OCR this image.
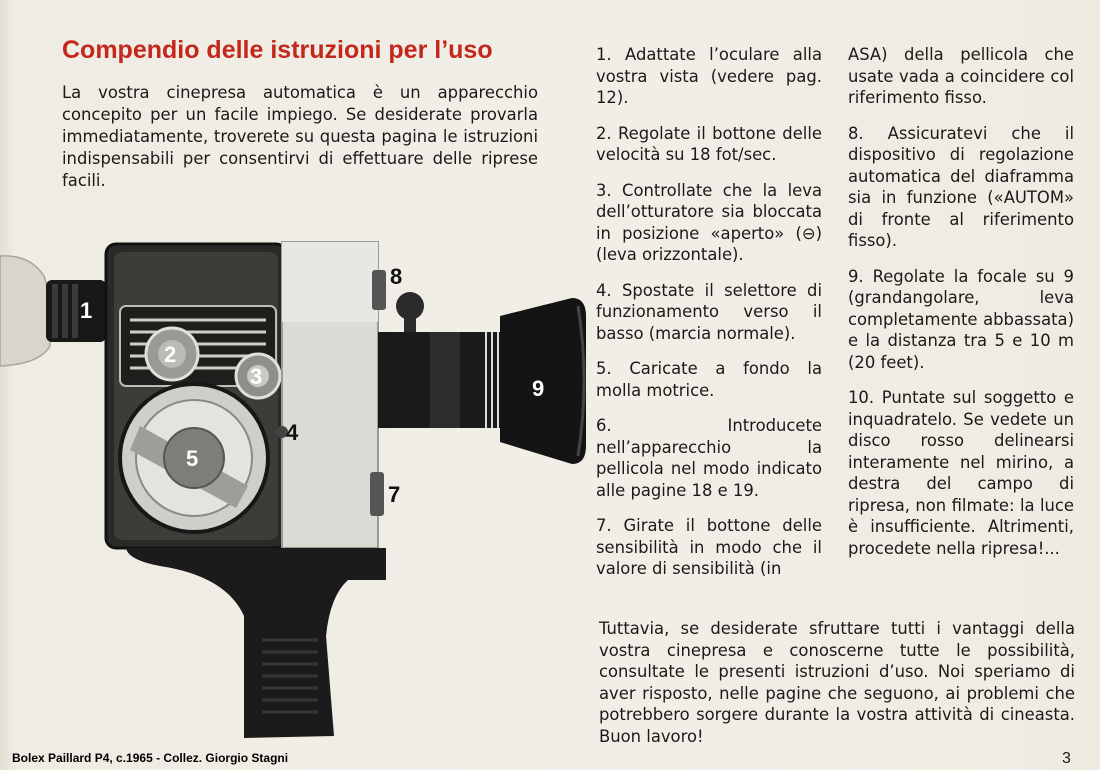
Compendio delle istruzioni per l’uso

La vostra cinepresa automatica è un apparecchio concepito per un facile impiego. Se desiderate provarla immediatamente, troverete su questa pagina le istruzioni indispensabili per consentirvi di effettuare delle riprese facili.

1. Adattate l’oculare alla vostra vista (vedere pag. 12).

2. Regolate il bottone delle velocità su 18 fot/sec.

3. Controllate che la leva dell’otturatore sia bloccata in posizione «aperto» (⊖) (leva orizzontale).

4. Spostate il selettore di funzionamento verso il basso (marcia normale).

5. Caricate a fondo la molla motrice.

6. Introducete nell’apparecchio la pellicola nel modo indicato alle pagine 18 e 19.

7. Girate il bottone delle sensibilità in modo che il valore di sensibilità (in

ASA) della pellicola che usate vada a coincidere col riferimento fisso.

8. Assicuratevi che il dispositivo di regolazione automatica del diaframma sia in funzione («AUTOM» di fronte al riferimento fisso).

9. Regolate la focale su 9 (grandangolare, leva completamente abbassata) e la distanza tra 5 e 10 m (20 feet).

10. Puntate sul soggetto e inquadratelo. Se vedete un disco rosso delinearsi interamente nel mirino, a destra del campo di ripresa, non filmate: la luce è insufficiente. Altrimenti, procedete nella ripresa!...

Tuttavia, se desiderate sfruttare tutti i vantaggi della vostra cinepresa e conoscerne tutte le possibilità, consultate le presenti istruzioni d’uso. Noi speriamo di aver risposto, nelle pagine che seguono, ai problemi che potrebbero sorgere durante la vostra attività di cineasta. Buon lavoro!

1
2
3
4
5
7
8
9
Bolex Paillard P4, c.1965 - Collez. Giorgio Stagni	3
